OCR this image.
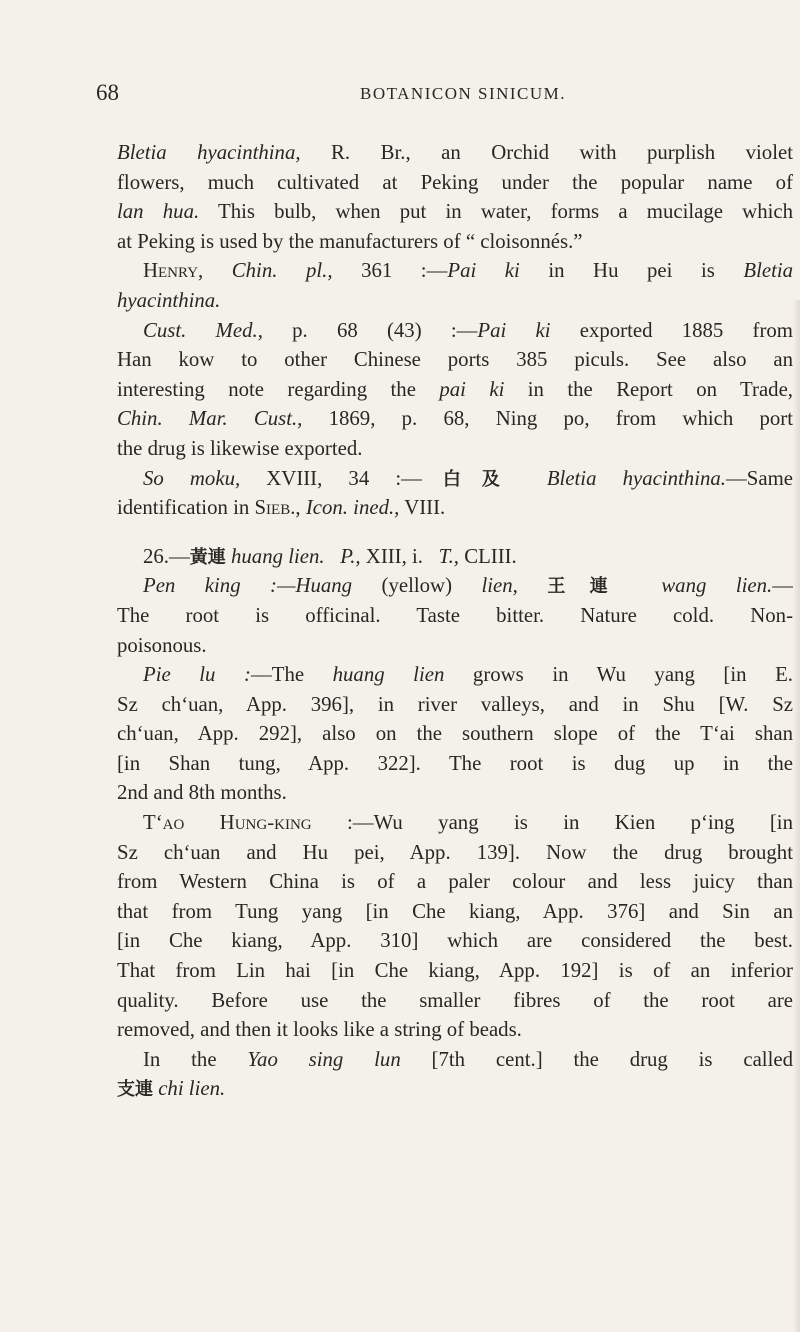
68	BOTANICON SINICUM.
Bletia hyacinthina, R. Br., an Orchid with purplish violet
flowers, much cultivated at Peking under the popular name of
lan hua. This bulb, when put in water, forms a mucilage which
at Peking is used by the manufacturers of “ cloisonnés.”
Henry, Chin. pl., 361 :—Pai ki in Hu pei is Bletia
hyacinthina.
Cust. Med., p. 68 (43) :—Pai ki exported 1885 from
Han kow to other Chinese ports 385 piculs. See also an
interesting note regarding the pai ki in the Report on Trade,
Chin. Mar. Cust., 1869, p. 68, Ning po, from which port
the drug is likewise exported.
So moku, XVIII, 34 :—白及 Bletia hyacinthina.—Same
identification in Sieb., Icon. ined., VIII.
26.—黃連 huang lien. P., XIII, i.   T., CLIII.
Pen king :—Huang (yellow) lien, 王連 wang lien.—
The root is officinal. Taste bitter. Nature cold. Non-
poisonous.
Pie lu :—The huang lien grows in Wu yang [in E.
Sz chʻuan, App. 396], in river valleys, and in Shu [W. Sz
chʻuan, App. 292], also on the southern slope of the Tʻai shan
[in Shan tung, App. 322]. The root is dug up in the
2nd and 8th months.
Tʻao Hung-king :—Wu yang is in Kien pʻing [in
Sz chʻuan and Hu pei, App. 139]. Now the drug brought
from Western China is of a paler colour and less juicy than
that from Tung yang [in Che kiang, App. 376] and Sin an
[in Che kiang, App. 310] which are considered the best.
That from Lin hai [in Che kiang, App. 192] is of an inferior
quality. Before use the smaller fibres of the root are
removed, and then it looks like a string of beads.
In the Yao sing lun [7th cent.] the drug is called
支連 chi lien.
